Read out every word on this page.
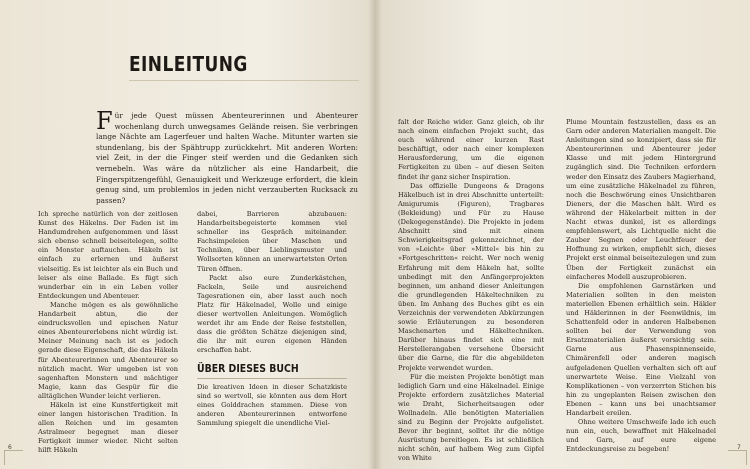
EINLEITUNG
Für jede Quest müssen Abenteurerinnen und Abenteurer wochenlang durch unwegsames Gelände reisen. Sie verbringen lange Nächte am Lagerfeuer und halten Wache. Mitunter warten sie stundenlang, bis der Spähtrupp zurückkehrt. Mit anderen Worten: viel Zeit, in der die Finger steif werden und die Gedanken sich vernebeln. Was wäre da nützlicher als eine Handarbeit, die Fingerspitzengefühl, Genauigkeit und Werkzeuge erfordert, die klein genug sind, um problemlos in jeden nicht verzauberten Rucksack zu passen?

Ich spreche natürlich von der zeitlosen Kunst des Häkelns. Der Faden ist im Handumdrehen aufgenommen und lässt sich ebenso schnell beiseitelegen, sollte ein Monster auftauchen. Häkeln ist einfach zu erlernen und äußerst vielseitig. Es ist leichter als ein Buch und leiser als eine Ballade. Es fügt sich wunderbar ein in ein Leben voller Entdeckungen und Abenteuer.

Manche mögen es als gewöhnliche Handarbeit abtun, die der eindrucksvollen und epischen Natur eines Abenteurerlebens nicht würdig ist. Meiner Meinung nach ist es jedoch gerade diese Eigenschaft, die das Häkeln für Abenteurerinnen und Abenteurer so nützlich macht. Wer umgeben ist von sagenhaften Monstern und mächtiger Magie, kann das Gespür für die alltäglichen Wunder leicht verlieren.

Häkeln ist eine Kunstfertigkeit mit einer langen historischen Tradition. In allen Reichen und im gesamten Astralmeer begegnet man dieser Fertigkeit immer wieder. Nicht selten hilft Häkeln

dabei, Barrieren abzubauen: Handarbeitsbegeisterte kommen viel schneller ins Gespräch miteinander. Fachsimpeleien über Maschen und Techniken, über Lieblingsmuster und Wollsorten können an unerwartetsten Orten Türen öffnen.

Packt also eure Zunderkästchen, Fackeln, Seile und ausreichend Tagesrationen ein, aber lasst auch noch Platz für Häkelnadel, Wolle und einige dieser wertvollen Anleitungen. Womöglich werdet ihr am Ende der Reise feststellen, dass die größten Schätze diejenigen sind, die ihr mit euren eigenen Händen erschaffen habt.

ÜBER DIESES BUCH

Die kreativen Ideen in dieser Schatzkiste sind so wertvoll, sie könnten aus dem Hort eines Golddrachen stammen. Diese von anderen Abenteurerinnen entworfene Sammlung spiegelt die unendliche Viel-

6

falt der Reiche wider. Ganz gleich, ob ihr nach einem einfachen Projekt sucht, das euch während einer kurzen Rast beschäftigt, oder nach einer komplexen Herausforderung, um die eigenen Fertigkeiten zu üben – auf diesen Seiten findet ihr ganz sicher Inspiration.

Das offizielle Dungeons & Dragons Häkelbuch ist in drei Abschnitte unterteilt: Amigurumis (Figuren), Tragbares (Bekleidung) und Für zu Hause (Dekogegenstände). Die Projekte in jedem Abschnitt sind mit einem Schwierigkeitsgrad gekennzeichnet, der von »Leicht« über »Mittel« bis hin zu »Fortgeschritten« reicht. Wer noch wenig Erfahrung mit dem Häkeln hat, sollte unbedingt mit den Anfängerprojekten beginnen, um anhand dieser Anleitungen die grundlegenden Häkeltechniken zu üben. Im Anhang des Buches gibt es ein Verzeichnis der verwendeten Abkürzungen sowie Erläuterungen zu besonderen Maschenarten und Häkeltechniken. Darüber hinaus findet sich eine mit Herstellerangaben versehene Übersicht über die Garne, die für die abgebildeten Projekte verwendet wurden.

Für die meisten Projekte benötigt man lediglich Garn und eine Häkelnadel. Einige Projekte erfordern zusätzliches Material wie Draht, Sicherheitsaugen oder Wollnadeln. Alle benötigten Materialien sind zu Beginn der Projekte aufgelistet. Bevor ihr beginnt, solltet ihr die nötige Ausrüstung bereitlegen. Es ist schließlich nicht schön, auf halbem Weg zum Gipfel von White

Plume Mountain festzustellen, dass es an Garn oder anderen Materialien mangelt. Die Anleitungen sind so konzipiert, dass sie für Abenteurerinnen und Abenteurer jeder Klasse und mit jedem Hintergrund zugänglich sind. Die Techniken erfordern weder den Einsatz des Zaubers Magierhand, um eine zusätzliche Häkelnadel zu führen, noch die Beschwörung eines Unsichtbaren Dieners, der die Maschen hält. Wird es während der Häkelarbeit mitten in der Nacht etwas dunkel, ist es allerdings empfehlenswert, als Lichtquelle nicht die Zauber Segnen oder Leuchtfeuer der Hoffnung zu wirken, empfiehlt sich, dieses Projekt erst einmal beiseitezulegen und zum Üben der Fertigkeit zunächst ein einfacheres Modell auszuprobieren.

Die empfohlenen Garnstärken und Materialien sollten in den meisten materiellen Ebenen erhältlich sein. Häkler und Häklerinnen in der Feenwildnis, im Schattenfeld oder in anderen Halbebenen sollten bei der Verwendung von Ersatzmaterialien äußerst vorsichtig sein. Garne aus Phasenspinnenseide, Chimärenfell oder anderen magisch aufgeladenen Quellen verhalten sich oft auf unerwartete Weise. Eine Vielzahl von Komplikationen – von verzerrten Stichen bis hin zu ungeplanten Reisen zwischen den Ebenen – kann uns bei unachtsamer Handarbeit ereilen.

Ohne weitere Umschweife lade ich euch nun ein, euch, bewaffnet mit Häkelnadel und Garn, auf eure eigene Entdeckungsreise zu begeben!	7
